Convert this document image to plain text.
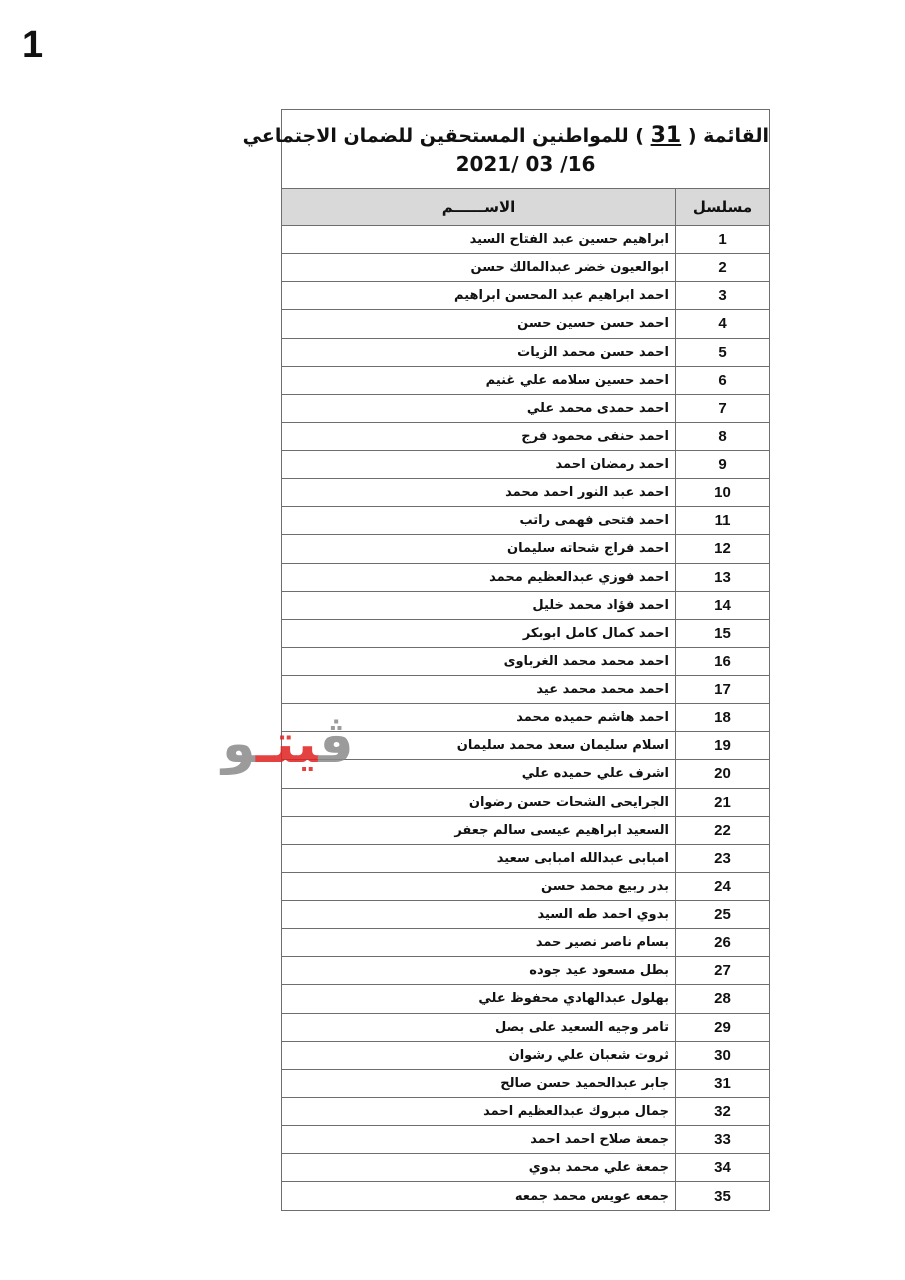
1
القائمة ( 31 ) للمواطنين المستحقين للضمان الاجتماعي
2021/ 03 /16
مسلسل
الاســــــم
1
ابراهيم حسين عبد الفتاح السيد
2
ابوالعيون خضر عبدالمالك حسن
3
احمد ابراهيم عبد المحسن ابراهيم
4
احمد حسن حسين حسن
5
احمد حسن محمد الزيات
6
احمد حسين سلامه علي غنيم
7
احمد حمدى محمد علي
8
احمد حنفى محمود فرج
9
احمد رمضان احمد
10
احمد عبد النور احمد محمد
11
احمد فتحى فهمى راتب
12
احمد فراج شحاته سليمان
13
احمد فوزي عبدالعظيم محمد
14
احمد فؤاد محمد خليل
15
احمد كمال كامل ابوبكر
16
احمد محمد محمد الغرباوى
17
احمد محمد محمد عيد
18
احمد هاشم حميده محمد
19
اسلام سليمان سعد محمد سليمان
20
اشرف علي حميده علي
21
الجرايحى الشحات حسن رضوان
22
السعيد ابراهيم عيسى سالم جعفر
23
امبابى عبدالله امبابى سعيد
24
بدر ربيع محمد حسن
25
بدوي احمد طه السيد
26
بسام ناصر نصير حمد
27
بطل مسعود عيد جوده
28
بهلول عبدالهادي محفوظ علي
29
تامر وجيه السعيد على بصل
30
ثروت شعبان علي رشوان
31
جابر عبدالحميد حسن صالح
32
جمال مبروك عبدالعظيم احمد
33
جمعة صلاح احمد احمد
34
جمعة علي محمد بدوي
35
جمعه عويس محمد جمعه
ڤيتـو
